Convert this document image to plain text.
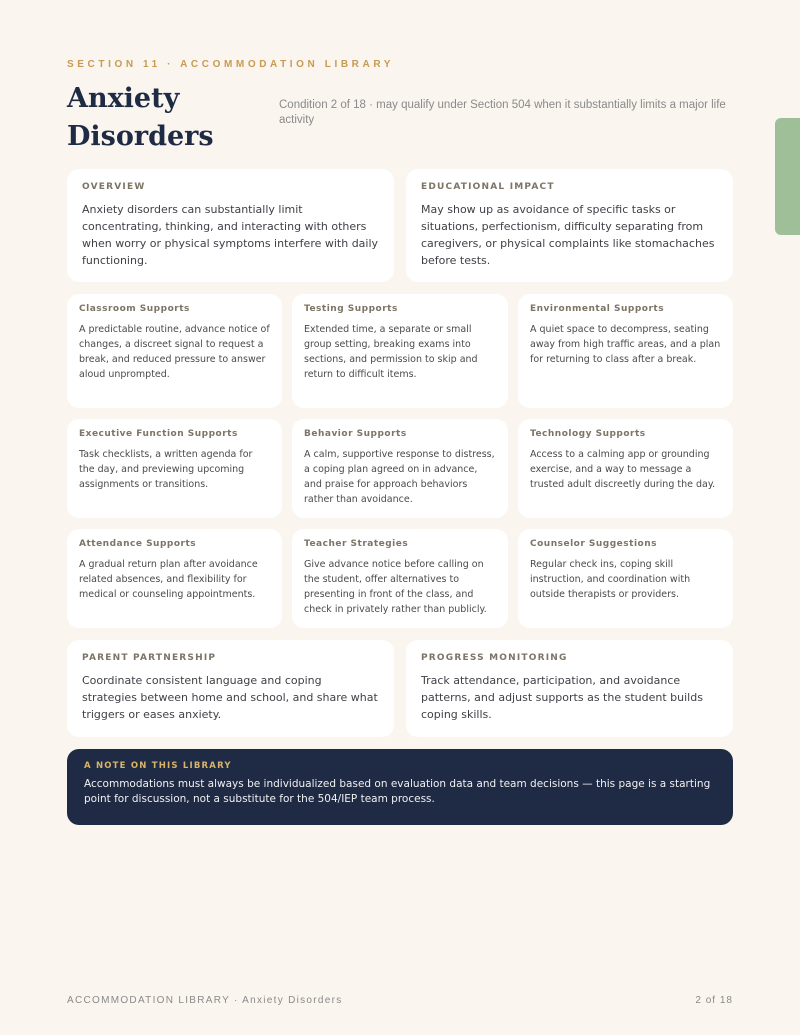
SECTION 11 · ACCOMMODATION LIBRARY
Anxiety Disorders
Condition 2 of 18 · may qualify under Section 504 when it substantially limits a major life activity
OVERVIEW
Anxiety disorders can substantially limit concentrating, thinking, and interacting with others when worry or physical symptoms interfere with daily functioning.
EDUCATIONAL IMPACT
May show up as avoidance of specific tasks or situations, perfectionism, difficulty separating from caregivers, or physical complaints like stomachaches before tests.
Classroom Supports
A predictable routine, advance notice of changes, a discreet signal to request a break, and reduced pressure to answer aloud unprompted.
Testing Supports
Extended time, a separate or small group setting, breaking exams into sections, and permission to skip and return to difficult items.
Environmental Supports
A quiet space to decompress, seating away from high traffic areas, and a plan for returning to class after a break.
Executive Function Supports
Task checklists, a written agenda for the day, and previewing upcoming assignments or transitions.
Behavior Supports
A calm, supportive response to distress, a coping plan agreed on in advance, and praise for approach behaviors rather than avoidance.
Technology Supports
Access to a calming app or grounding exercise, and a way to message a trusted adult discreetly during the day.
Attendance Supports
A gradual return plan after avoidance related absences, and flexibility for medical or counseling appointments.
Teacher Strategies
Give advance notice before calling on the student, offer alternatives to presenting in front of the class, and check in privately rather than publicly.
Counselor Suggestions
Regular check ins, coping skill instruction, and coordination with outside therapists or providers.
PARENT PARTNERSHIP
Coordinate consistent language and coping strategies between home and school, and share what triggers or eases anxiety.
PROGRESS MONITORING
Track attendance, participation, and avoidance patterns, and adjust supports as the student builds coping skills.
A NOTE ON THIS LIBRARY
Accommodations must always be individualized based on evaluation data and team decisions — this page is a starting point for discussion, not a substitute for the 504/IEP team process.
ACCOMMODATION LIBRARY · Anxiety Disorders	2 of 18
